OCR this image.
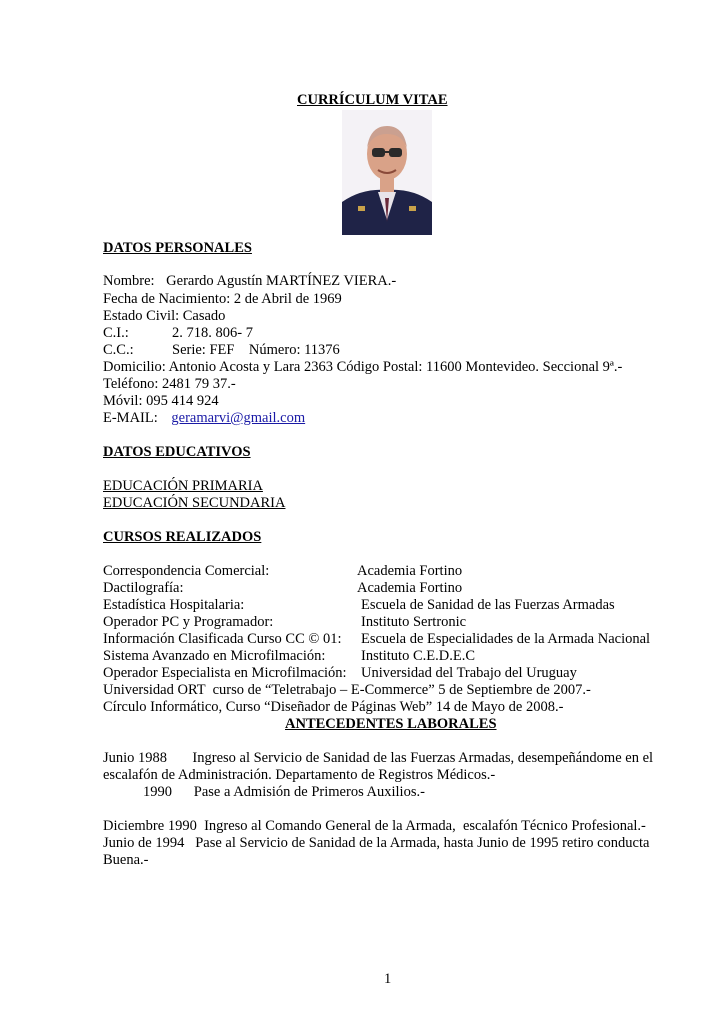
CURRÍCULUM VITAE
DATOS PERSONALES
Nombre: Gerardo Agustín MARTÍNEZ VIERA.-
Fecha de Nacimiento: 2 de Abril de 1969
Estado Civil: Casado
C.I.:	2. 718. 806- 7
C.C.:	Serie: FEF    Número: 11376
Domicilio: Antonio Acosta y Lara 2363 Código Postal: 11600 Montevideo. Seccional 9ª.-
Teléfono: 2481 79 37.-
Móvil: 095 414 924
E-MAIL: geramarvi@gmail.com
DATOS EDUCATIVOS
EDUCACIÓN PRIMARIA
EDUCACIÓN SECUNDARIA
CURSOS REALIZADOS
Correspondencia Comercial:	Academia Fortino
Dactilografía:	Academia Fortino
Estadística Hospitalaria:	Escuela de Sanidad de las Fuerzas Armadas
Operador PC y Programador:	Instituto Sertronic
Información Clasificada Curso CC © 01: Escuela de Especialidades de la Armada Nacional
Sistema Avanzado en Microfilmación: Instituto C.E.D.E.C
Operador Especialista en Microfilmación: Universidad del Trabajo del Uruguay
Universidad ORT  curso de “Teletrabajo – E-Commerce” 5 de Septiembre de 2007.-
Círculo Informático, Curso “Diseñador de Páginas Web” 14 de Mayo de 2008.-
ANTECEDENTES LABORALES
Junio 1988       Ingreso al Servicio de Sanidad de las Fuerzas Armadas, desempeñándome en el
escalafón de Administración. Departamento de Registros Médicos.-
1990      Pase a Admisión de Primeros Auxilios.-
Diciembre 1990  Ingreso al Comando General de la Armada,  escalafón Técnico Profesional.-
Junio de 1994   Pase al Servicio de Sanidad de la Armada, hasta Junio de 1995 retiro conducta
Buena.-
1
